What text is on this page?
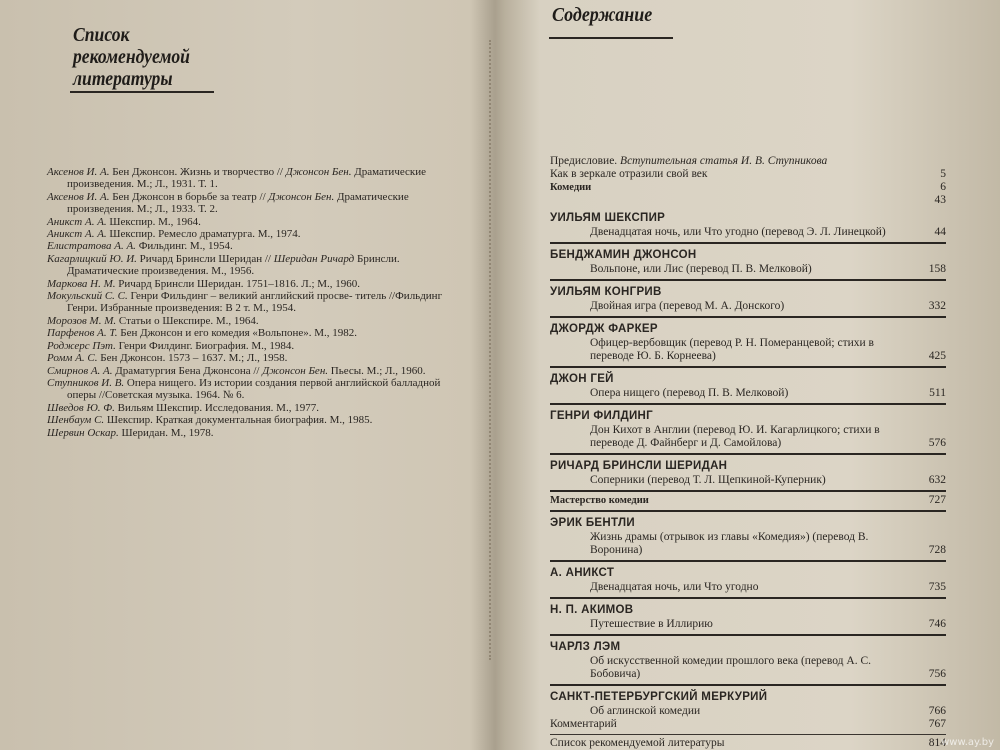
Список
рекомендуемой
литературы
Аксенов И. А. Бен Джонсон. Жизнь и творчество // Джонсон Бен. Драматические произведения. М.; Л., 1931. Т. 1.
Аксенов И. А. Бен Джонсон в борьбе за театр // Джонсон Бен. Драматические произведения. М.; Л., 1933. Т. 2.
Аникст А. А. Шекспир. М., 1964.
Аникст А. А. Шекспир. Ремесло драматурга. М., 1974.
Елистратова А. А. Фильдинг. М., 1954.
Кагарлицкий Ю. И. Ричард Бринсли Шеридан // Шеридан Ричард Бринсли. Драматические произведения. М., 1956.
Маркова Н. М. Ричард Бринсли Шеридан. 1751–1816. Л.; М., 1960.
Мокульский С. С. Генри Фильдинг – великий английский просве- титель //Фильдинг Генри. Избранные произведения: В 2 т. М., 1954.
Морозов М. М. Статьи о Шекспире. М., 1964.
Парфенов А. Т. Бен Джонсон и его комедия «Вольпоне». М., 1982.
Роджерс Пэт. Генри Филдинг. Биография. М., 1984.
Ромм А. С. Бен Джонсон. 1573 – 1637. М.; Л., 1958.
Смирнов А. А. Драматургия Бена Джонсона // Джонсон Бен. Пьесы. М.; Л., 1960.
Ступников И. В. Опера нищего. Из истории создания первой английской балладной оперы //Советская музыка. 1964. № 6.
Шведов Ю. Ф. Вильям Шекспир. Исследования. М., 1977.
Шенбаум С. Шекспир. Краткая документальная биография. М., 1985.
Шервин Оскар. Шеридан. М., 1978.
Содержание
Предисловие. Вступительная статья И. В. Ступникова
Как в зеркале отразили свой век	5
Комедии	6
43

УИЛЬЯМ ШЕКСПИР
Двенадцатая ночь, или Что угодно (перевод Э. Л. Линецкой)	44
БЕНДЖАМИН ДЖОНСОН
Вольпоне, или Лис (перевод П. В. Мелковой)	158
УИЛЬЯМ КОНГРИВ
Двойная игра (перевод М. А. Донского)	332
ДЖОРДЖ ФАРКЕР
Офицер-вербовщик (перевод Р. Н. Померанцевой; стихи в переводе Ю. Б. Корнеева)	425
ДЖОН ГЕЙ
Опера нищего (перевод П. В. Мелковой)	511
ГЕНРИ ФИЛДИНГ
Дон Кихот в Англии (перевод Ю. И. Кагарлицкого; стихи в переводе Д. Файнберг и Д. Самойлова)	576
РИЧАРД БРИНСЛИ ШЕРИДАН
Соперники (перевод Т. Л. Щепкиной-Куперник)	632
Мастерство комедии	727
ЭРИК БЕНТЛИ
Жизнь драмы (отрывок из главы «Комедия») (перевод В. Воронина)	728
А. АНИКСТ
Двенадцатая ночь, или Что угодно	735
Н. П. АКИМОВ
Путешествие в Иллирию	746
ЧАРЛЗ ЛЭМ
Об искусственной комедии прошлого века (перевод А. С. Бобовича)	756
САНКТ-ПЕТЕРБУРГСКИЙ МЕРКУРИЙ
Об аглинской комедии	766
Комментарий	767
Список рекомендуемой литературы	814
www.ay.by
